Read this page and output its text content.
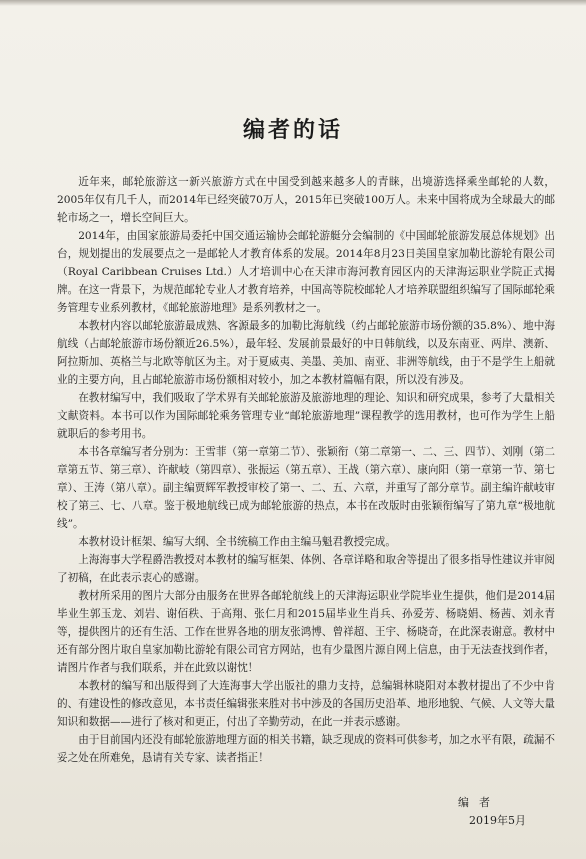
编者的话

近年来，邮轮旅游这一新兴旅游方式在中国受到越来越多人的青睐，出境游选择乘坐邮轮的人数，2005年仅有几千人，而2014年已经突破70万人，2015年已突破100万人。未来中国将成为全球最大的邮轮市场之一，增长空间巨大。

2014年，由国家旅游局委托中国交通运输协会邮轮游艇分会编制的《中国邮轮旅游发展总体规划》出台，规划提出的发展要点之一是邮轮人才教育体系的发展。2014年8月23日美国皇家加勒比游轮有限公司（Royal Caribbean Cruises Ltd.）人才培训中心在天津市海河教育园区内的天津海运职业学院正式揭牌。在这一背景下，为规范邮轮专业人才教育培养，中国高等院校邮轮人才培养联盟组织编写了国际邮轮乘务管理专业系列教材，《邮轮旅游地理》是系列教材之一。

本教材内容以邮轮旅游最成熟、客源最多的加勒比海航线（约占邮轮旅游市场份额的35.8%）、地中海航线（占邮轮旅游市场份额近26.5%），最年轻、发展前景最好的中日韩航线，以及东南亚、两岸、澳新、阿拉斯加、英格兰与北欧等航区为主。对于夏威夷、美墨、美加、南亚、非洲等航线，由于不是学生上船就业的主要方向，且占邮轮旅游市场份额相对较小，加之本教材篇幅有限，所以没有涉及。

在教材编写中，我们吸取了学术界有关邮轮旅游及旅游地理的理论、知识和研究成果，参考了大量相关文献资料。本书可以作为国际邮轮乘务管理专业“邮轮旅游地理”课程教学的选用教材，也可作为学生上船就职后的参考用书。

本书各章编写者分别为：王雪菲（第一章第二节）、张颖衔（第二章第一、二、三、四节）、刘刚（第二章第五节、第三章）、许献岐（第四章）、张振运（第五章）、王战（第六章）、康向阳（第一章第一节、第七章）、王涛（第八章）。副主编贾辉军教授审校了第一、二、五、六章，并重写了部分章节。副主编许献岐审校了第三、七、八章。鉴于极地航线已成为邮轮旅游的热点，本书在改版时由张颖衔编写了第九章“极地航线”。

本教材设计框架、编写大纲、全书统稿工作由主编马魁君教授完成。

上海海事大学程爵浩教授对本教材的编写框架、体例、各章详略和取舍等提出了很多指导性建议并审阅了初稿，在此表示衷心的感谢。

教材所采用的图片大部分由服务在世界各邮轮航线上的天津海运职业学院毕业生提供，他们是2014届毕业生郭玉龙、刘岩、谢佰秩、于高翔、张仁月和2015届毕业生肖兵、孙爱芳、杨晓娟、杨茜、刘永青等，提供图片的还有生活、工作在世界各地的朋友张鸿博、曾祥超、王宇、杨晓奇，在此深表谢意。教材中还有部分图片取自皇家加勒比游轮有限公司官方网站，也有少量图片源自网上信息，由于无法查找到作者，请图片作者与我们联系，并在此致以谢忱！

本教材的编写和出版得到了大连海事大学出版社的鼎力支持，总编辑林晓阳对本教材提出了不少中肯的、有建设性的修改意见，本书责任编辑张来胜对书中涉及的各国历史沿革、地形地貌、气候、人文等大量知识和数据——进行了核对和更正，付出了辛勤劳动，在此一并表示感谢。

由于目前国内还没有邮轮旅游地理方面的相关书籍，缺乏现成的资料可供参考，加之水平有限，疏漏不妥之处在所难免，恳请有关专家、读者指正！

编者
2019年5月
